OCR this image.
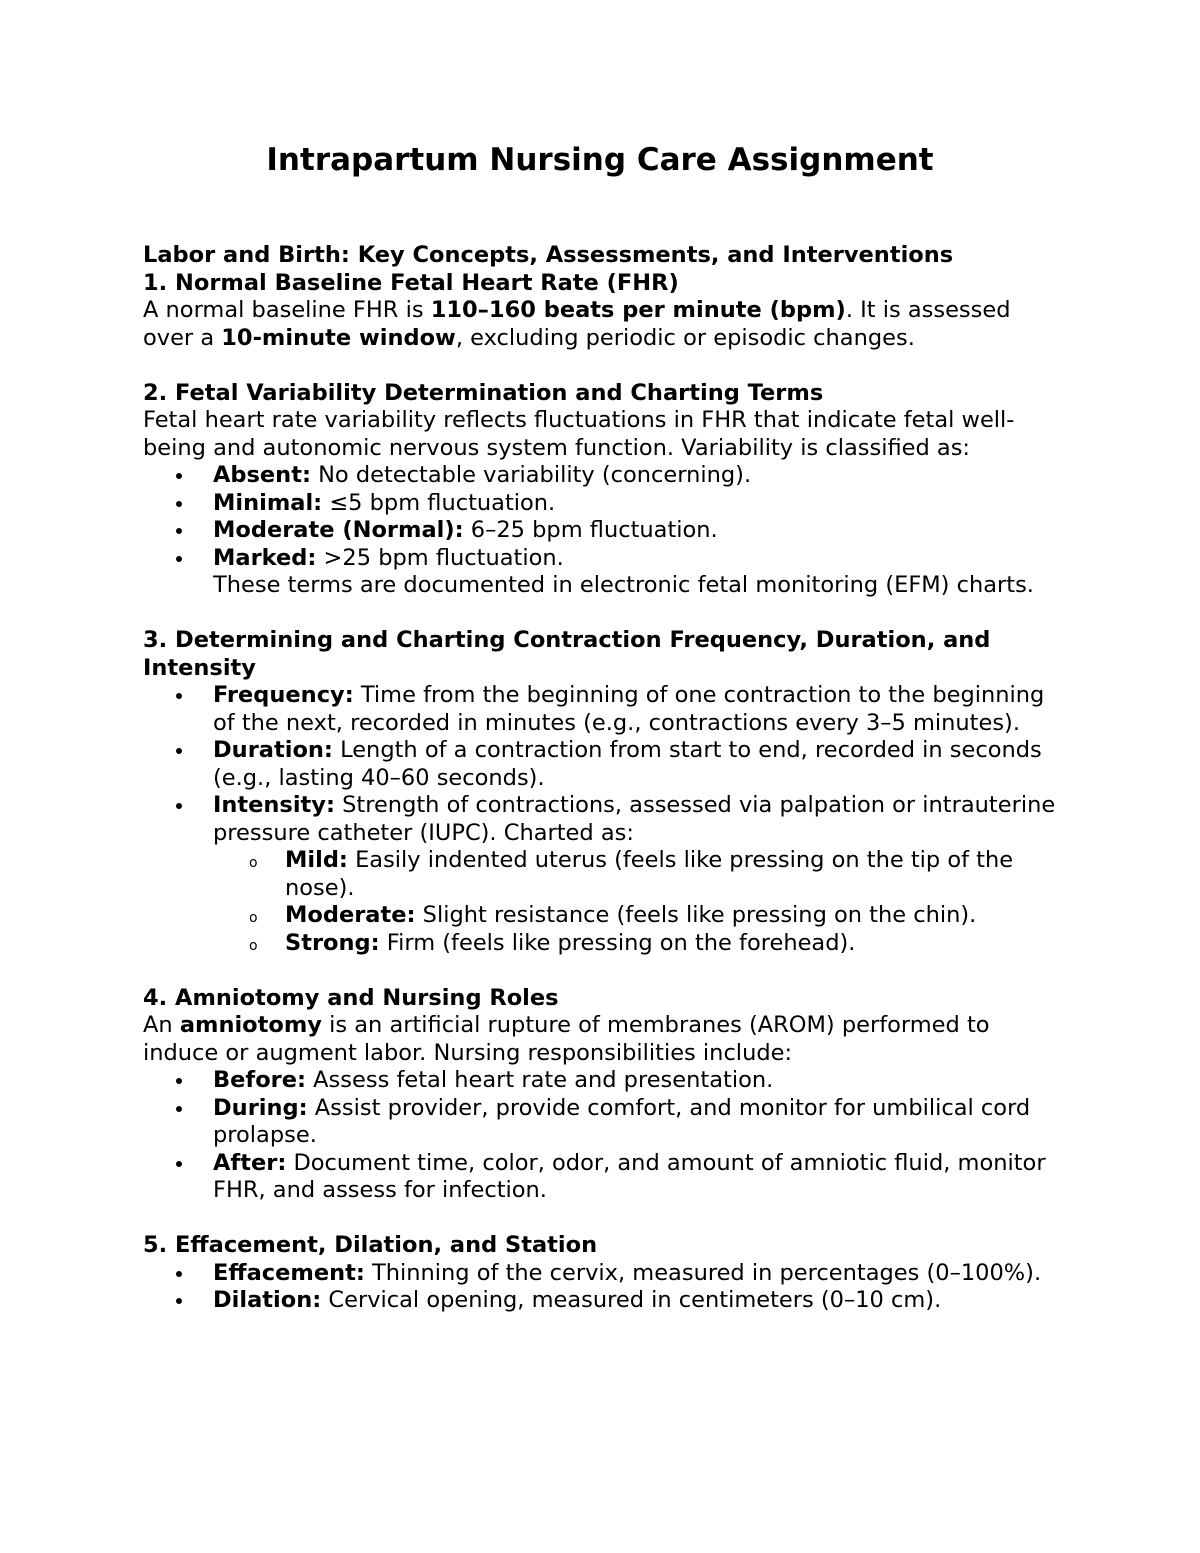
Intrapartum Nursing Care Assignment

Labor and Birth: Key Concepts, Assessments, and Interventions

1. Normal Baseline Fetal Heart Rate (FHR)

A normal baseline FHR is 110–160 beats per minute (bpm). It is assessed over a 10-minute window, excluding periodic or episodic changes.

2. Fetal Variability Determination and Charting Terms

Fetal heart rate variability reflects fluctuations in FHR that indicate fetal well-being and autonomic nervous system function. Variability is classified as:

Absent: No detectable variability (concerning).
Minimal: ≤5 bpm fluctuation.
Moderate (Normal): 6–25 bpm fluctuation.
Marked: >25 bpm fluctuation.

These terms are documented in electronic fetal monitoring (EFM) charts.

3. Determining and Charting Contraction Frequency, Duration, and Intensity

Frequency: Time from the beginning of one contraction to the beginning of the next, recorded in minutes (e.g., contractions every 3–5 minutes).
Duration: Length of a contraction from start to end, recorded in seconds (e.g., lasting 40–60 seconds).
Intensity: Strength of contractions, assessed via palpation or intrauterine pressure catheter (IUPC). Charted as:
o Mild: Easily indented uterus (feels like pressing on the tip of the nose).
o Moderate: Slight resistance (feels like pressing on the chin).
o Strong: Firm (feels like pressing on the forehead).

4. Amniotomy and Nursing Roles

An amniotomy is an artificial rupture of membranes (AROM) performed to induce or augment labor. Nursing responsibilities include:

Before: Assess fetal heart rate and presentation.
During: Assist provider, provide comfort, and monitor for umbilical cord prolapse.
After: Document time, color, odor, and amount of amniotic fluid, monitor FHR, and assess for infection.

5. Effacement, Dilation, and Station

Effacement: Thinning of the cervix, measured in percentages (0–100%).
Dilation: Cervical opening, measured in centimeters (0–10 cm).
